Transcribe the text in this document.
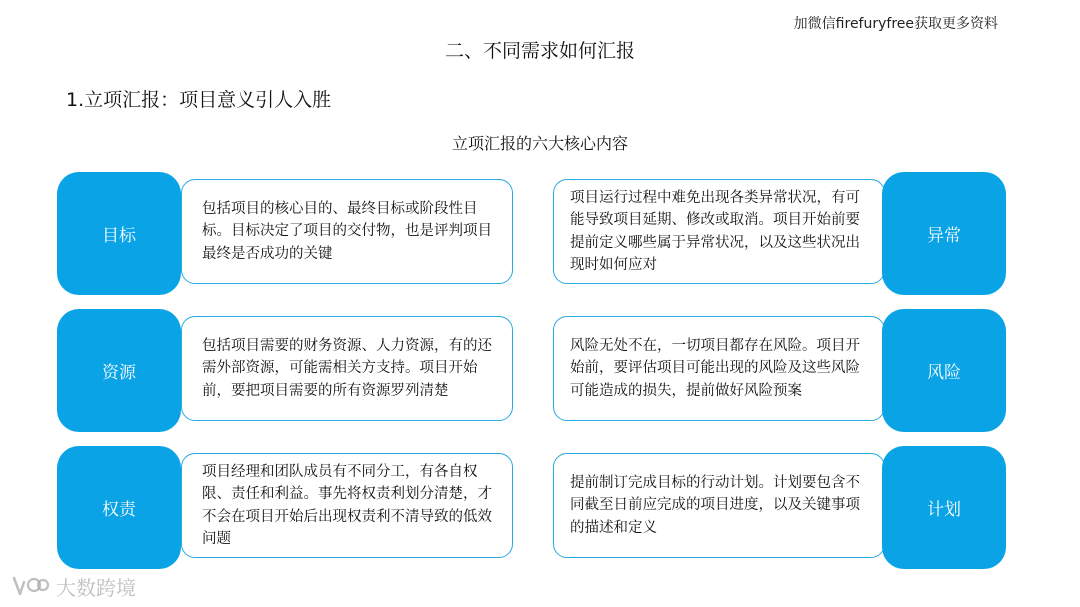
加微信firefuryfree获取更多资料
二、不同需求如何汇报
1.立项汇报：项目意义引人入胜
立项汇报的六大核心内容
包括项目的核心目的、最终目标或阶段性目标。目标决定了项目的交付物，也是评判项目最终是否成功的关键
目标
包括项目需要的财务资源、人力资源，有的还需外部资源，可能需相关方支持。项目开始前，要把项目需要的所有资源罗列清楚
资源
项目经理和团队成员有不同分工，有各自权限、责任和利益。事先将权责利划分清楚，才不会在项目开始后出现权责利不清导致的低效问题
权责
项目运行过程中难免出现各类异常状况，有可能导致项目延期、修改或取消。项目开始前要提前定义哪些属于异常状况，以及这些状况出现时如何应对
异常
风险无处不在，一切项目都存在风险。项目开始前，要评估项目可能出现的风险及这些风险可能造成的损失，提前做好风险预案
风险
提前制订完成目标的行动计划。计划要包含不同截至日前应完成的项目进度，以及关键事项的描述和定义
计划
大数跨境
